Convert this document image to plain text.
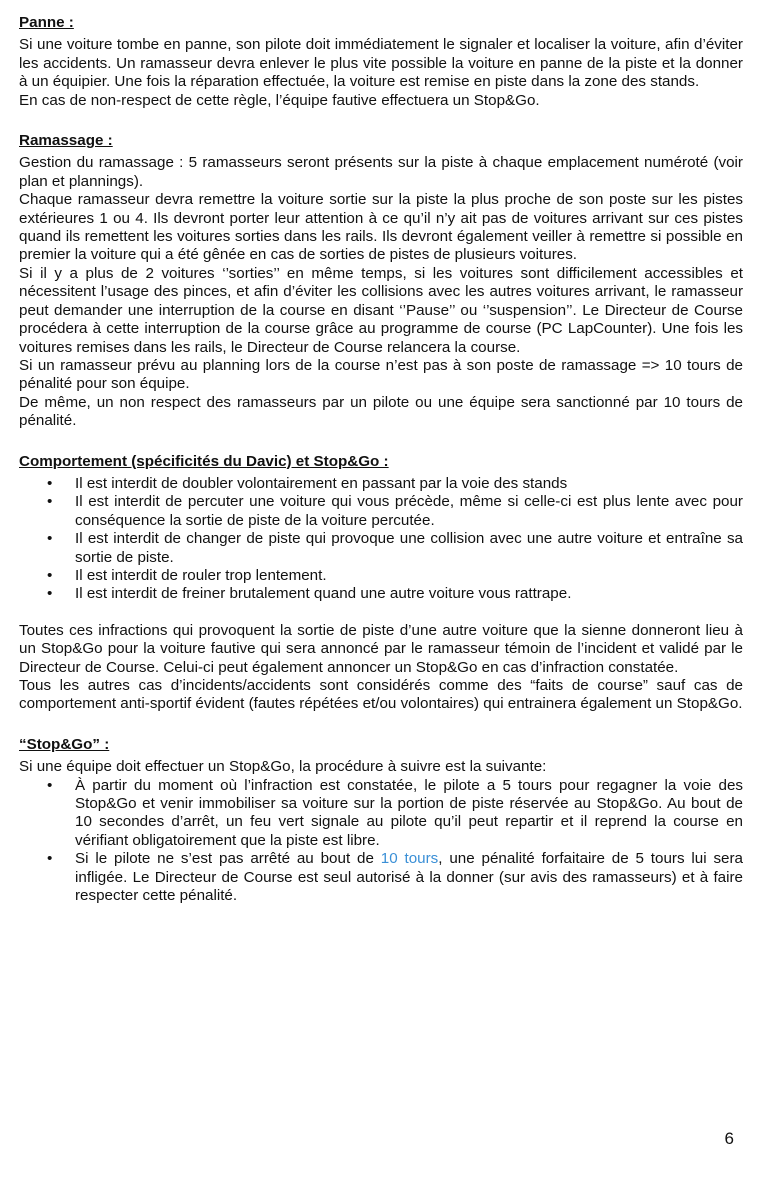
Panne :

Si une voiture tombe en panne, son pilote doit immédiatement le signaler et localiser la voiture, afin d’éviter les accidents. Un ramasseur devra enlever le plus vite possible la voiture en panne de la piste et la donner à un équipier. Une fois la réparation effectuée, la voiture est remise en piste dans la zone des stands.

En cas de non-respect de cette règle, l’équipe fautive effectuera un Stop&Go.

Ramassage :

Gestion du ramassage : 5 ramasseurs seront présents sur la piste à chaque emplacement numéroté (voir plan et plannings).

Chaque ramasseur devra remettre la voiture sortie sur la piste la plus proche de son poste sur les pistes extérieures 1 ou 4. Ils devront porter leur attention à ce qu’il n’y ait pas de voitures arrivant sur ces pistes quand ils remettent les voitures sorties dans les rails. Ils devront également veiller à remettre si possible en premier la voiture qui a été gênée en cas de sorties de pistes de plusieurs voitures.

Si il y a plus de 2 voitures ‘’sorties’’ en même temps, si les voitures sont difficilement accessibles et nécessitent l’usage des pinces, et afin d’éviter les collisions avec les autres voitures arrivant, le ramasseur peut demander une interruption de la course en disant ‘’Pause’’ ou ‘’suspension’’. Le Directeur de Course procédera à cette interruption de la course grâce au programme de course (PC LapCounter). Une fois les voitures remises dans les rails, le Directeur de Course relancera la course.

Si un ramasseur prévu au planning lors de la course n’est pas à son poste de ramassage => 10 tours de pénalité pour son équipe.

De même, un non respect des ramasseurs par un pilote ou une équipe sera sanctionné par 10 tours de pénalité.

Comportement (spécificités du Davic) et Stop&Go :
• Il est interdit de doubler volontairement en passant par la voie des stands
• Il est interdit de percuter une voiture qui vous précède, même si celle-ci est plus lente avec pour conséquence la sortie de piste de la voiture percutée.
• Il est interdit de changer de piste qui provoque une collision avec une autre voiture et entraîne sa sortie de piste.
• Il est interdit de rouler trop lentement.
• Il est interdit de freiner brutalement quand une autre voiture vous rattrape.

Toutes ces infractions qui provoquent la sortie de piste d’une autre voiture que la sienne donneront lieu à un Stop&Go pour la voiture fautive qui sera annoncé par le ramasseur témoin de l’incident et validé par le Directeur de Course. Celui-ci peut également annoncer un Stop&Go en cas d’infraction constatée.

Tous les autres cas d’incidents/accidents sont considérés comme des “faits de course” sauf cas de comportement anti-sportif évident (fautes répétées et/ou volontaires) qui entrainera également un Stop&Go.

“Stop&Go” :

Si une équipe doit effectuer un Stop&Go, la procédure à suivre est la suivante:

• À partir du moment où l’infraction est constatée, le pilote a 5 tours pour regagner la voie des Stop&Go et venir immobiliser sa voiture sur la portion de piste réservée au Stop&Go. Au bout de 10 secondes d’arrêt, un feu vert signale au pilote qu’il peut repartir et il reprend la course en vérifiant obligatoirement que la piste est libre.
• Si le pilote ne s’est pas arrêté au bout de 10 tours, une pénalité forfaitaire de 5 tours lui sera infligée. Le Directeur de Course est seul autorisé à la donner (sur avis des ramasseurs) et à faire respecter cette pénalité.
6
